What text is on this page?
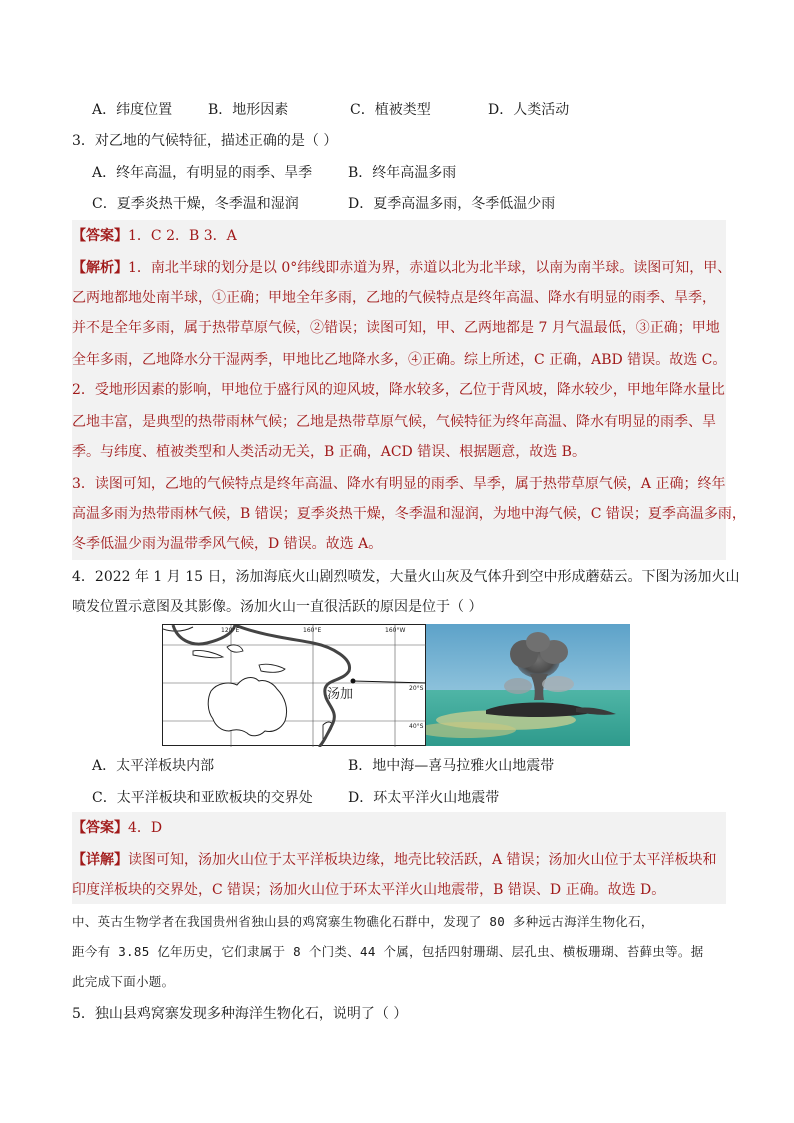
A．纬度位置	B．地形因素	C．植被类型	D．人类活动
3．对乙地的气候特征，描述正确的是（ ）
A．终年高温，有明显的雨季、旱季	B．终年高温多雨
C．夏季炎热干燥，冬季温和湿润	D．夏季高温多雨，冬季低温少雨
【答案】1．C 2．B 3．A
【解析】1．南北半球的划分是以 0°纬线即赤道为界，赤道以北为北半球，以南为南半球。读图可知，甲、
乙两地都地处南半球，①正确；甲地全年多雨，乙地的气候特点是终年高温、降水有明显的雨季、旱季，
并不是全年多雨，属于热带草原气候，②错误；读图可知，甲、乙两地都是 7 月气温最低，③正确；甲地
全年多雨，乙地降水分干湿两季，甲地比乙地降水多，④正确。综上所述，C 正确，ABD 错误。故选 C。
2．受地形因素的影响，甲地位于盛行风的迎风坡，降水较多，乙位于背风坡，降水较少，甲地年降水量比
乙地丰富，是典型的热带雨林气候；乙地是热带草原气候，气候特征为终年高温、降水有明显的雨季、旱
季。与纬度、植被类型和人类活动无关，B 正确，ACD 错误、根据题意，故选 B。
3．读图可知，乙地的气候特点是终年高温、降水有明显的雨季、旱季，属于热带草原气候，A 正确；终年
高温多雨为热带雨林气候，B 错误；夏季炎热干燥，冬季温和湿润，为地中海气候，C 错误；夏季高温多雨，
冬季低温少雨为温带季风气候，D 错误。故选 A。
4．2022 年 1 月 15 日，汤加海底火山剧烈喷发，大量火山灰及气体升到空中形成蘑菇云。下图为汤加火山
喷发位置示意图及其影像。汤加火山一直很活跃的原因是位于（ ）
120°E	160°E	160°W
20°S
40°S
汤加
A．太平洋板块内部	B．地中海—喜马拉雅火山地震带
C．太平洋板块和亚欧板块的交界处	D．环太平洋火山地震带
【答案】4．D
【详解】读图可知，汤加火山位于太平洋板块边缘，地壳比较活跃，A 错误；汤加火山位于太平洋板块和
印度洋板块的交界处，C 错误；汤加火山位于环太平洋火山地震带，B 错误、D 正确。故选 D。
中、英古生物学者在我国贵州省独山县的鸡窝寨生物礁化石群中，发现了 80 多种远古海洋生物化石，
距今有 3.85 亿年历史，它们隶属于 8 个门类、44 个属，包括四射珊瑚、层孔虫、横板珊瑚、苔藓虫等。据
此完成下面小题。
5．独山县鸡窝寨发现多种海洋生物化石，说明了（ ）
